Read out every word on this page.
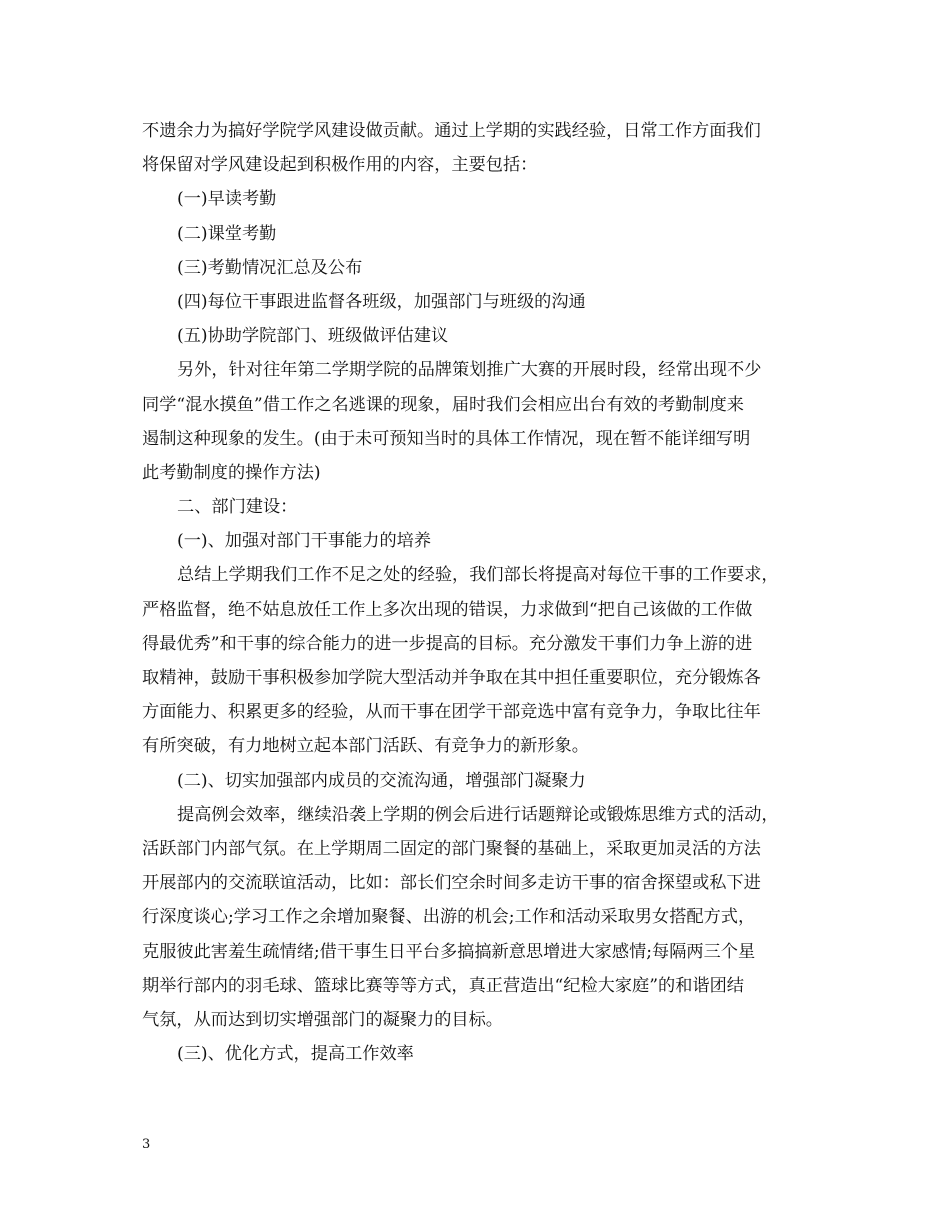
不遗余力为搞好学院学风建设做贡献。通过上学期的实践经验，日常工作方面我们
将保留对学风建设起到积极作用的内容，主要包括：
(一)早读考勤
(二)课堂考勤
(三)考勤情况汇总及公布
(四)每位干事跟进监督各班级，加强部门与班级的沟通
(五)协助学院部门、班级做评估建议
另外，针对往年第二学期学院的品牌策划推广大赛的开展时段，经常出现不少
同学“混水摸鱼”借工作之名逃课的现象，届时我们会相应出台有效的考勤制度来
遏制这种现象的发生。(由于未可预知当时的具体工作情况，现在暂不能详细写明
此考勤制度的操作方法)
二、部门建设：
(一)、加强对部门干事能力的培养
总结上学期我们工作不足之处的经验，我们部长将提高对每位干事的工作要求，
严格监督，绝不姑息放任工作上多次出现的错误，力求做到“把自己该做的工作做
得最优秀”和干事的综合能力的进一步提高的目标。充分激发干事们力争上游的进
取精神，鼓励干事积极参加学院大型活动并争取在其中担任重要职位，充分锻炼各
方面能力、积累更多的经验，从而干事在团学干部竞选中富有竞争力，争取比往年
有所突破，有力地树立起本部门活跃、有竞争力的新形象。
(二)、切实加强部内成员的交流沟通，增强部门凝聚力
提高例会效率，继续沿袭上学期的例会后进行话题辩论或锻炼思维方式的活动，
活跃部门内部气氛。在上学期周二固定的部门聚餐的基础上，采取更加灵活的方法
开展部内的交流联谊活动，比如：部长们空余时间多走访干事的宿舍探望或私下进
行深度谈心;学习工作之余增加聚餐、出游的机会;工作和活动采取男女搭配方式，
克服彼此害羞生疏情绪;借干事生日平台多搞搞新意思增进大家感情;每隔两三个星
期举行部内的羽毛球、篮球比赛等等方式，真正营造出“纪检大家庭”的和谐团结
气氛，从而达到切实增强部门的凝聚力的目标。
(三)、优化方式，提高工作效率
3
